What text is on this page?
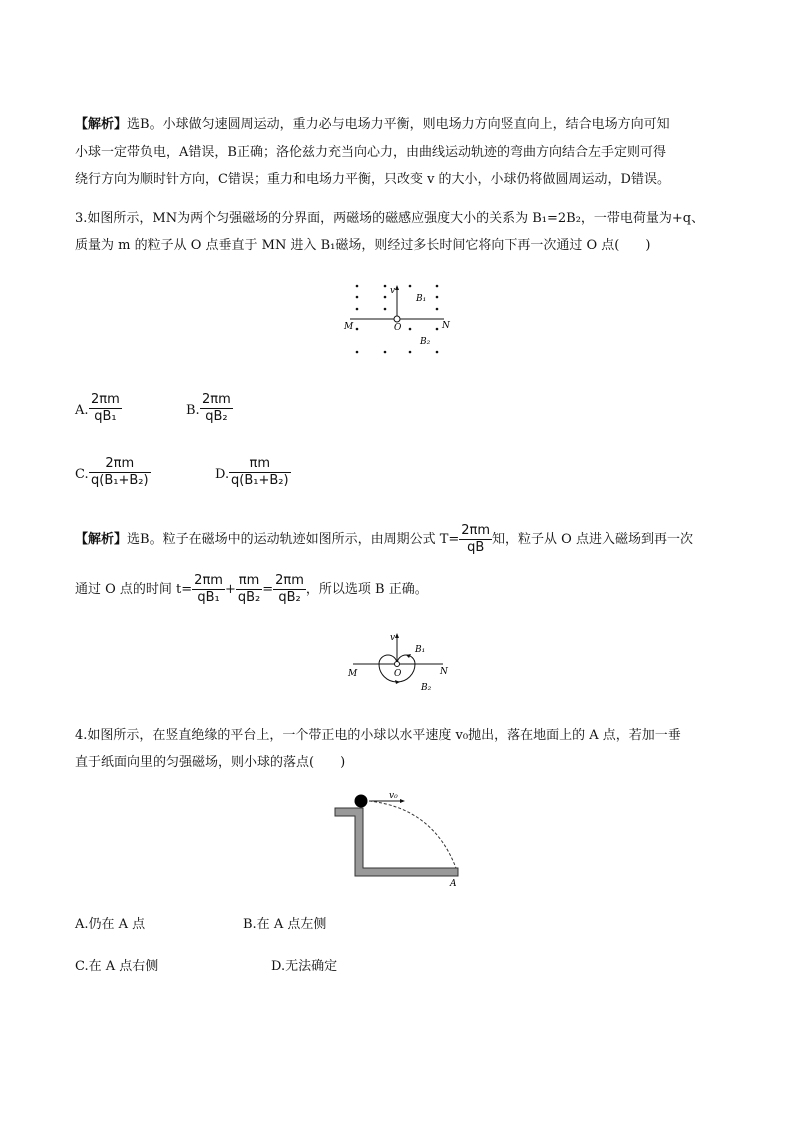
【解析】选B。小球做匀速圆周运动，重力必与电场力平衡，则电场力方向竖直向上，结合电场方向可知
小球一定带负电，A错误，B正确；洛伦兹力充当向心力，由曲线运动轨迹的弯曲方向结合左手定则可得
绕行方向为顺时针方向，C错误；重力和电场力平衡，只改变 v 的大小，小球仍将做圆周运动，D错误。
3.如图所示，MN为两个匀强磁场的分界面，两磁场的磁感应强度大小的关系为 B₁=2B₂，一带电荷量为+q、
质量为 m 的粒子从 O 点垂直于 MN 进入 B₁磁场，则经过多长时间它将向下再一次通过 O 点(　　)
v
B₁
M	O	N
B₂
A. $\frac{2\pi m}{\text{qB₁}}$	B. $\frac{2\pi m}{\text{qB₂}}$
C. $\frac{2\pi m}{\text{q(B₁+B₂)}}$	D. $\frac{\pi m}{\text{q(B₁+B₂)}}$
【解析】选B。粒子在磁场中的运动轨迹如图所示，由周期公式 $T= \frac{2\pi m}{qB}$ 知，粒子从 O 点进入磁场到再一次
通过 O 点的时间 $t= \frac{2\pi m}{\text{qB₁}} + \frac{\pi m}{\text{qB₂}} = \frac{2\pi m}{\text{qB₂}}$ ，所以选项 B 正确。
v
B₁
M	O	N
B₂
4.如图所示，在竖直绝缘的平台上，一个带正电的小球以水平速度 v₀抛出，落在地面上的 A 点，若加一垂
直于纸面向里的匀强磁场，则小球的落点(　　)
v₀
A
A.仍在 A 点	B.在 A 点左侧
C.在 A 点右侧	D.无法确定
